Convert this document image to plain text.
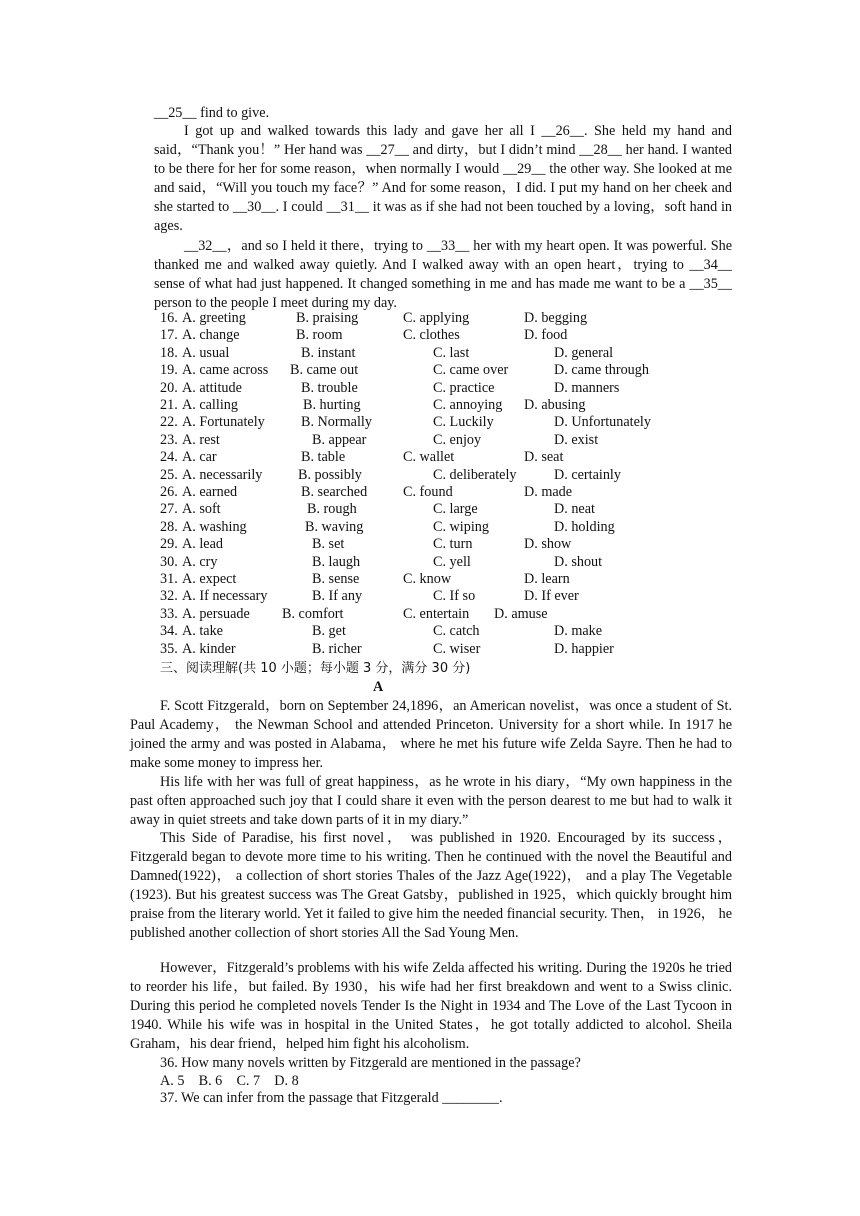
__25__ find to give.

I got up and walked towards this lady and gave her all I __26__. She held my hand and said，“Thank you！” Her hand was __27__ and dirty，but I didn’t mind __28__ her hand. I wanted to be there for her for some reason，when normally I would __29__ the other way. She looked at me and said，“Will you touch my face？” And for some reason，I did. I put my hand on her cheek and she started to __30__. I could __31__ it was as if she had not been touched by a loving，soft hand in ages.

__32__，and so I held it there，trying to __33__ her with my heart open. It was powerful. She thanked me and walked away quietly. And I walked away with an open heart，trying to __34__ sense of what had just happened. It changed something in me and has made me want to be a __35__ person to the people I meet during my day.

16. A. greeting	B. praising	C. applying	D. begging
17. A. change	B. room	C. clothes	D. food
18. A. usual	B. instant	C. last	D. general
19. A. came across B. came out	C. came over	D. came through
20. A. attitude	B. trouble	C. practice	D. manners
21. A. calling	B. hurting	C. annoying D. abusing
22. A. Fortunately	B. Normally	C. Luckily	D. Unfortunately
23. A. rest	B. appear	C. enjoy	D. exist
24. A. car	B. table	C. wallet	D. seat
25. A. necessarily	B. possibly	C. deliberately	D. certainly
26. A. earned	B. searched	C. found	D. made
27. A. soft	B. rough	C. large	D. neat
28. A. washing	B. waving	C. wiping	D. holding
29. A. lead	B. set	C. turn	D. show
30. A. cry	B. laugh	C. yell	D. shout
31. A. expect	B. sense	C. know	D. learn
32. A. If necessary	B. If any	C. If so	D. If ever
33. A. persuade B. comfort	C. entertain D. amuse
34. A. take	B. get	C. catch	D. make
35. A. kinder	B. richer	C. wiser	D. happier
三、阅读理解(共 10 小题；每小题 3 分，满分 30 分)
A

F. Scott Fitzgerald，born on September 24,1896，an American novelist，was once a student of St. Paul Academy， the Newman School and attended Princeton. University for a short while. In 1917 he joined the army and was posted in Alabama， where he met his future wife Zelda Sayre. Then he had to make some money to impress her.

His life with her was full of great happiness，as he wrote in his diary，“My own happiness in the past often approached such joy that I could share it even with the person dearest to me but had to walk it away in quiet streets and take down parts of it in my diary.”

This Side of Paradise, his first novel， was published in 1920. Encouraged by its success，Fitzgerald began to devote more time to his writing. Then he continued with the novel the Beautiful and Damned(1922)， a collection of short stories Thales of the Jazz Age(1922)， and a play The Vegetable (1923). But his greatest success was The Great Gatsby，published in 1925，which quickly brought him praise from the literary world. Yet it failed to give him the needed financial security. Then， in 1926， he published another collection of short stories All the Sad Young Men.

However，Fitzgerald’s problems with his wife Zelda affected his writing. During the 1920s he tried to reorder his life，but failed. By 1930，his wife had her first breakdown and went to a Swiss clinic. During this period he completed novels Tender Is the Night in 1934 and The Love of the Last Tycoon in 1940. While his wife was in hospital in the United States，he got totally addicted to alcohol. Sheila Graham，his dear friend，helped him fight his alcoholism.

36. How many novels written by Fitzgerald are mentioned in the passage?
A. 5    B. 6    C. 7    D. 8
37. We can infer from the passage that Fitzgerald ________.
